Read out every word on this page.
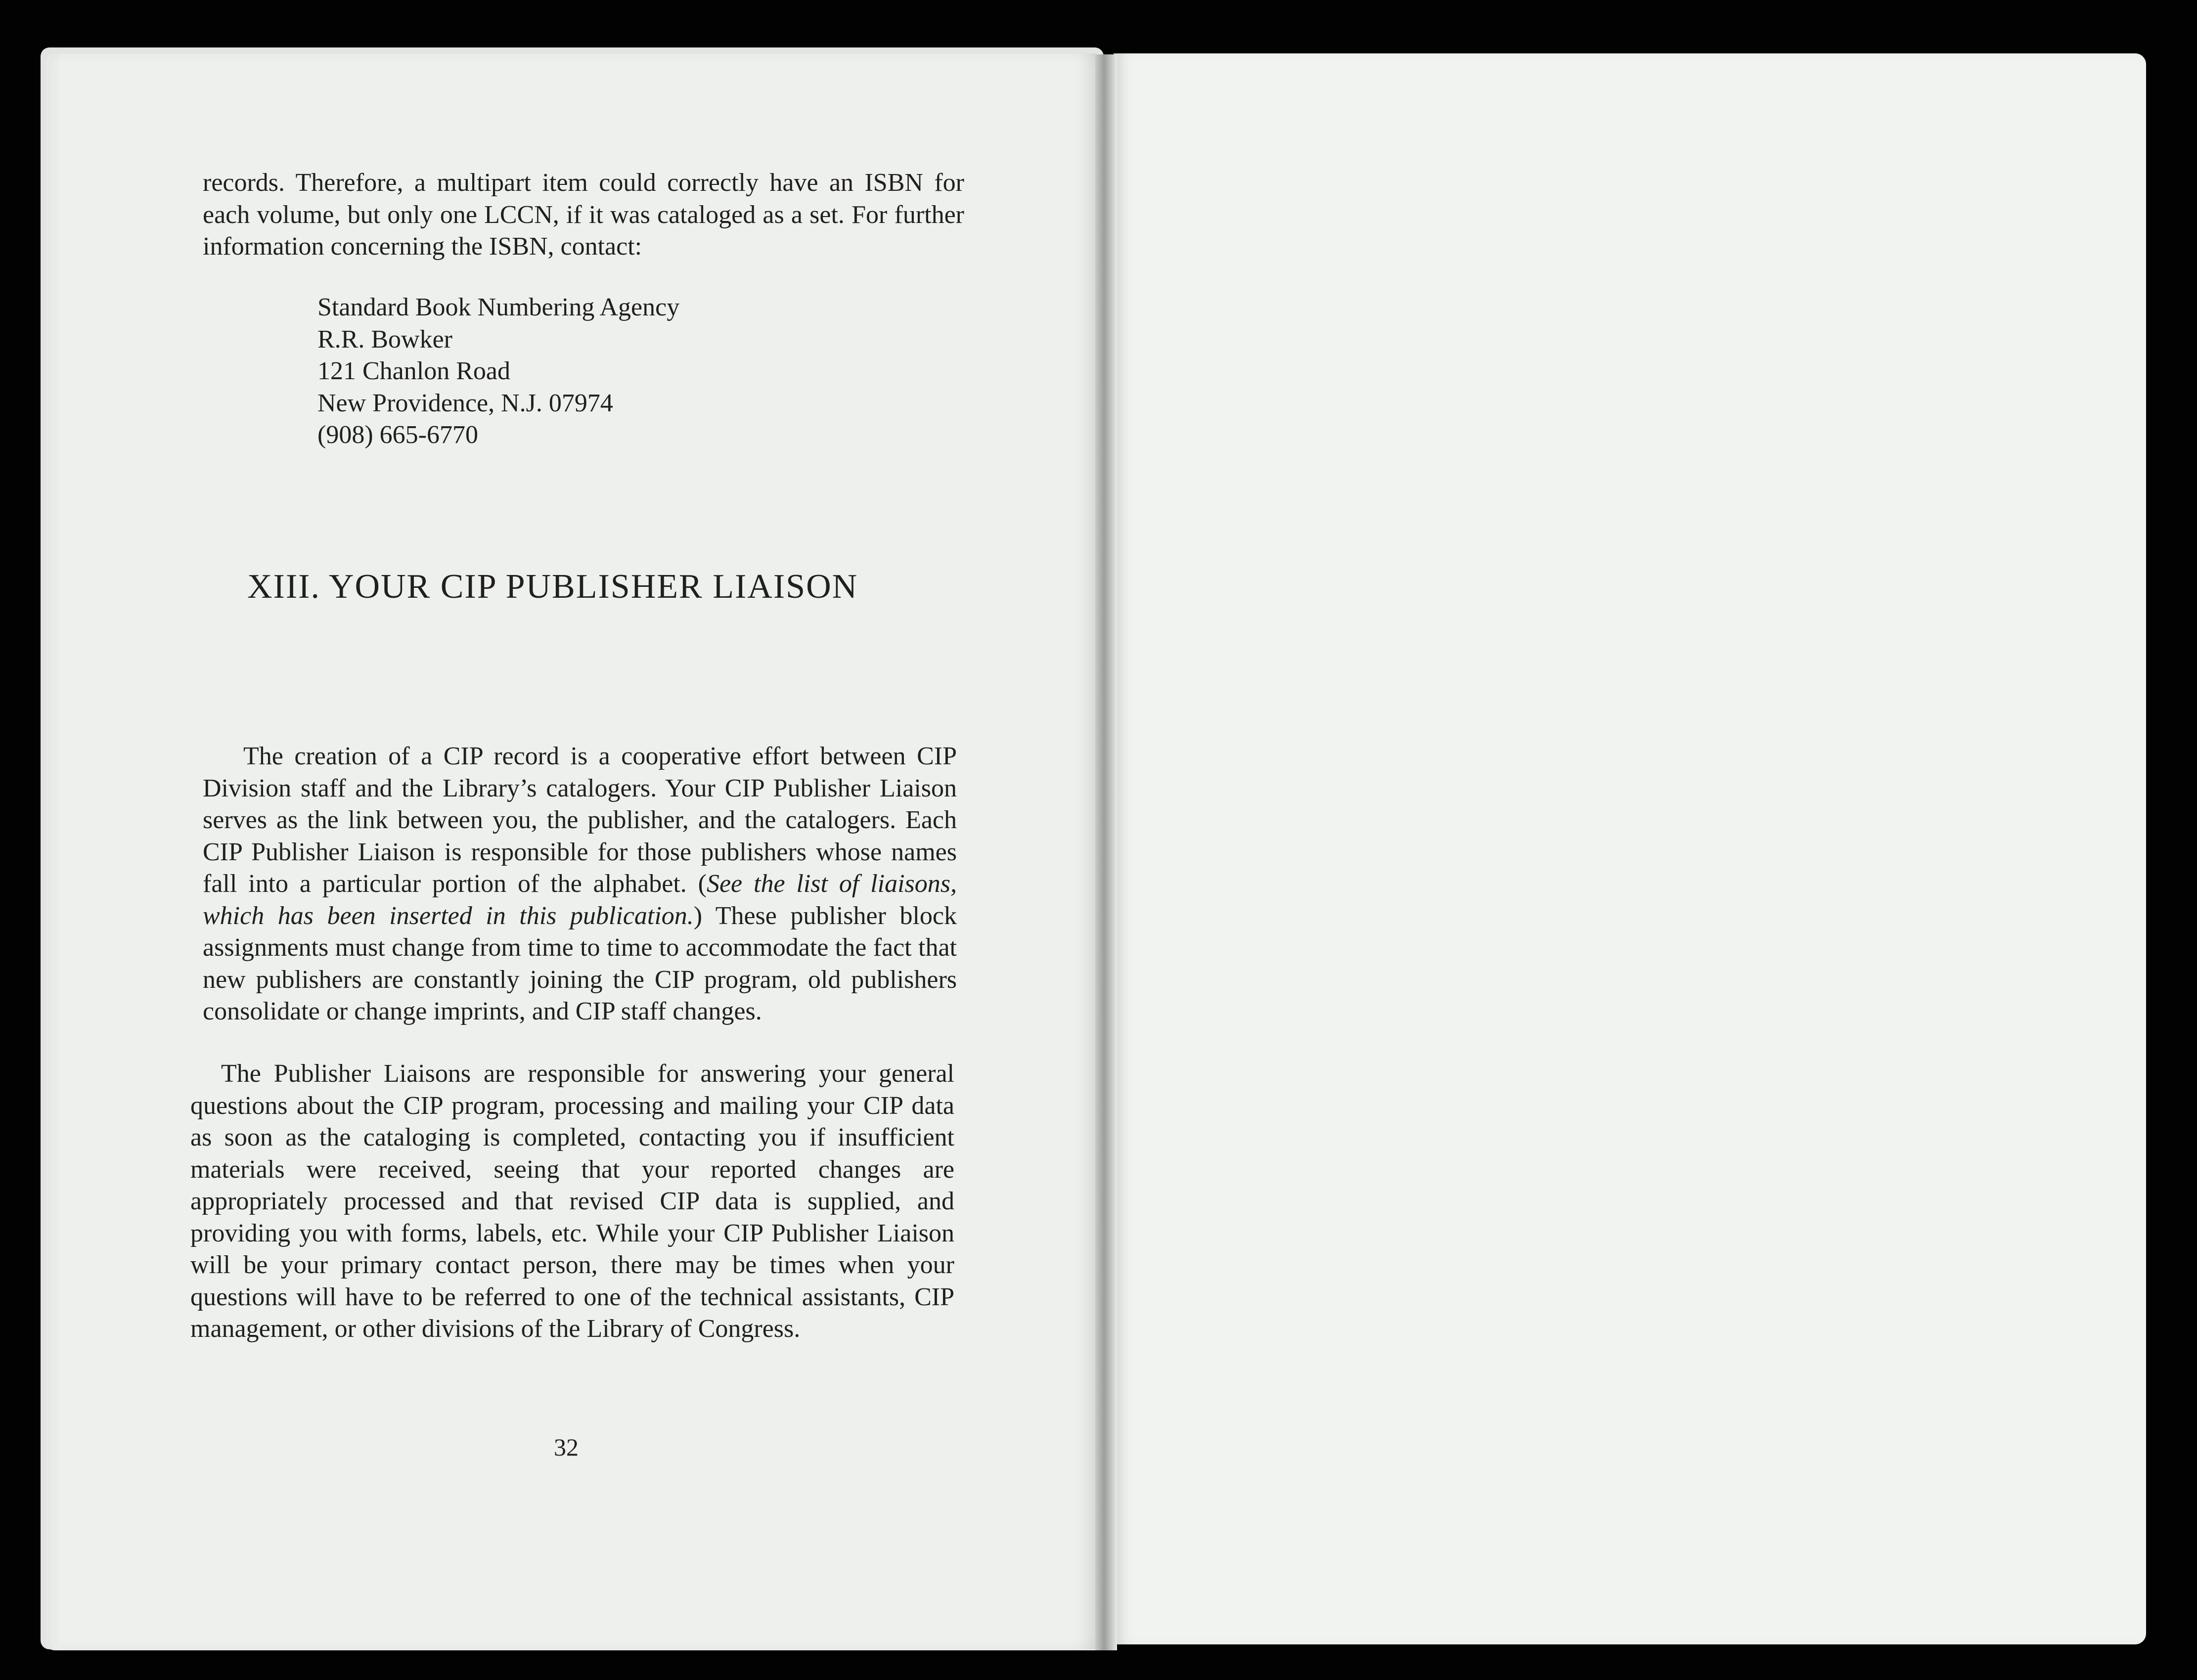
records. Therefore, a multipart item could correctly have an ISBN for each volume, but only one LCCN, if it was cataloged as a set. For further information concerning the ISBN, contact:

Standard Book Numbering Agency
R.R. Bowker
121 Chanlon Road
New Providence, N.J. 07974
(908) 665-6770
XIII. YOUR CIP PUBLISHER LIAISON

The creation of a CIP record is a cooperative effort between CIP Division staff and the Library’s catalogers. Your CIP Publisher Liaison serves as the link between you, the publisher, and the catalogers. Each CIP Publisher Liaison is responsible for those publishers whose names fall into a particular portion of the alphabet. (See the list of liaisons, which has been inserted in this publication.) These publisher block assignments must change from time to time to accommodate the fact that new publishers are constantly joining the CIP program, old publishers consolidate or change imprints, and CIP staff changes.

The Publisher Liaisons are responsible for answering your general questions about the CIP program, processing and mailing your CIP data as soon as the cataloging is completed, contacting you if insufficient materials were received, seeing that your reported changes are appropriately processed and that revised CIP data is supplied, and providing you with forms, labels, etc. While your CIP Publisher Liaison will be your primary contact person, there may be times when your questions will have to be referred to one of the technical assistants, CIP management, or other divisions of the Library of Congress.

32
